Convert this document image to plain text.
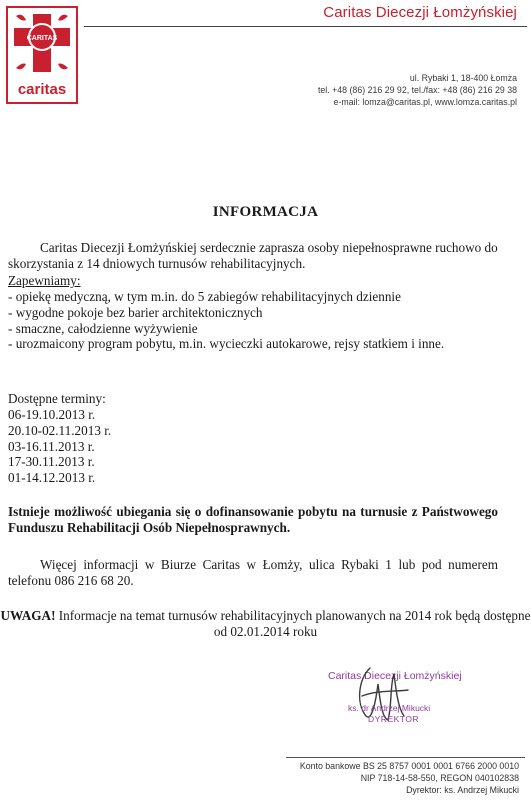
CARITAS
caritas
Caritas Diecezji Łomżyńskiej
ul. Rybaki 1, 18-400 Łomża
tel. +48 (86) 216 29 92, tel./fax: +48 (86) 216 29 38
e-mail: lomza@caritas.pl, www.lomza.caritas.pl
INFORMACJA
Caritas Diecezji Łomżyńskiej serdecznie zaprasza osoby niepełnosprawne ruchowo do skorzystania z 14 dniowych turnusów rehabilitacyjnych.
Zapewniamy:
- opiekę medyczną, w tym m.in. do 5 zabiegów rehabilitacyjnych dziennie
- wygodne pokoje bez barier architektonicznych
- smaczne, całodzienne wyżywienie
- urozmaicony program pobytu, m.in. wycieczki autokarowe, rejsy statkiem i inne.
Dostępne terminy:
06-19.10.2013 r.
20.10-02.11.2013 r.
03-16.11.2013 r.
17-30.11.2013 r.
01-14.12.2013 r.
Istnieje możliwość ubiegania się o dofinansowanie pobytu na turnusie z Państwowego Funduszu Rehabilitacji Osób Niepełnosprawnych.
Więcej informacji w Biurze Caritas w Łomży, ulica Rybaki 1 lub pod numerem telefonu 086 216 68 20.
UWAGA! Informacje na temat turnusów rehabilitacyjnych planowanych na 2014 rok będą dostępne od 02.01.2014 roku
Caritas Diecezji Łomżyńskiej
ks. dr Andrzej Mikucki
DYREKTOR
Konto bankowe BS 25 8757 0001 0001 6766 2000 0010
NIP 718-14-58-550, REGON 040102838
Dyrektor: ks. Andrzej Mikucki
